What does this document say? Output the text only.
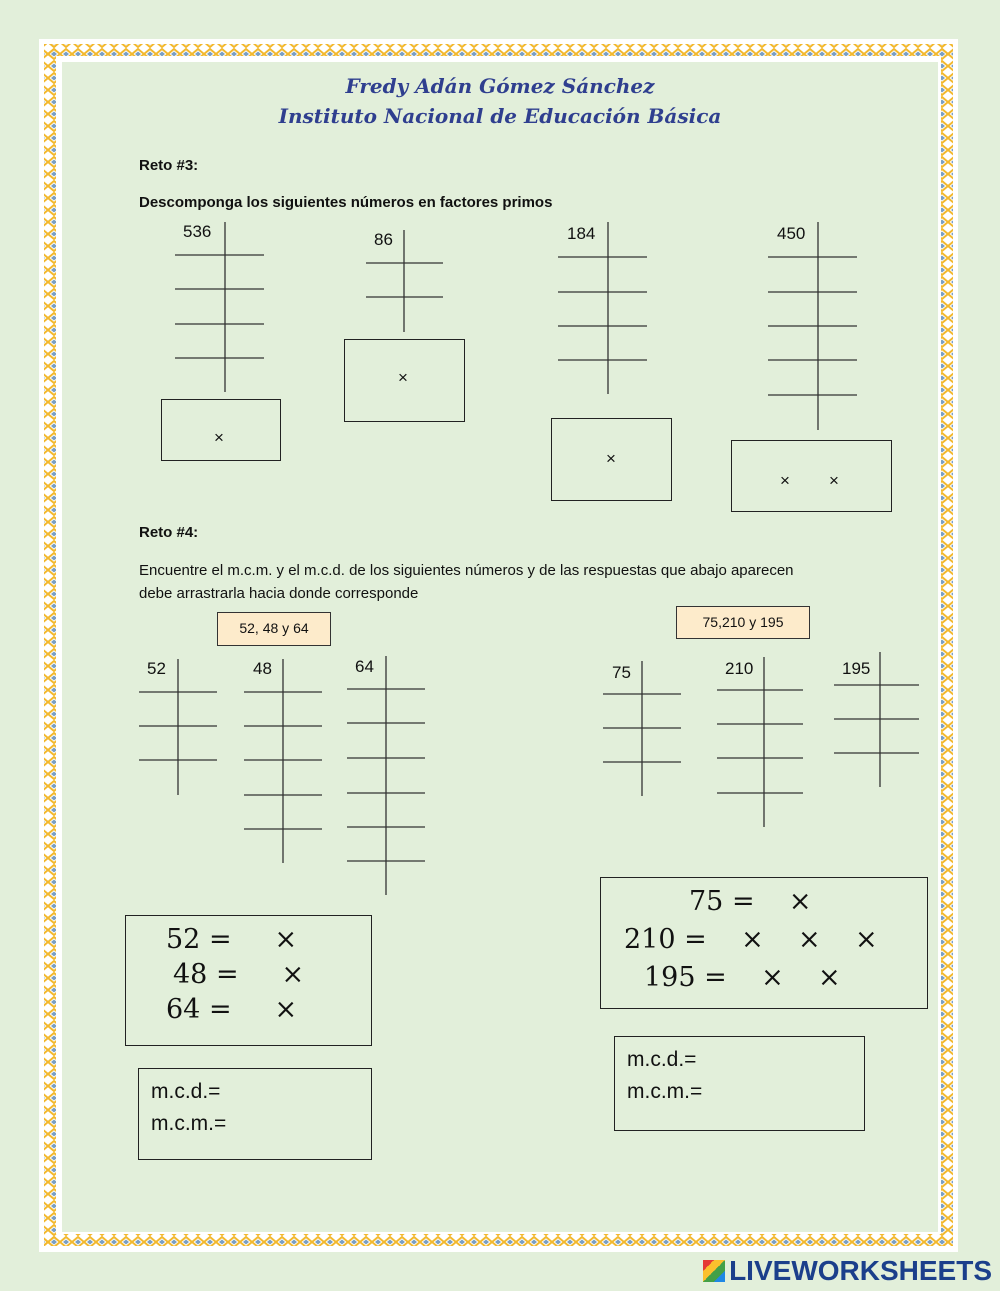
Fredy Adán Gómez Sánchez
Instituto Nacional de Educación Básica
Reto #3:
Descomponga los siguientes números en factores primos
536	86	184	450
×
×
×
× ×
Reto #4:
Encuentre el m.c.m. y el m.c.d. de los siguientes números y de las respuestas que abajo aparecen
debe arrastrarla hacia donde corresponde
52, 48 y 64	75,210 y 195
52	48	64	75	210	195
52 =     ×
48 =     ×
64 =     ×
75 =    ×
210 =    ×    ×    ×
195 =    ×    ×
m.c.d.=
m.c.m.=
m.c.d.=
m.c.m.=
LIVEWORKSHEETS
